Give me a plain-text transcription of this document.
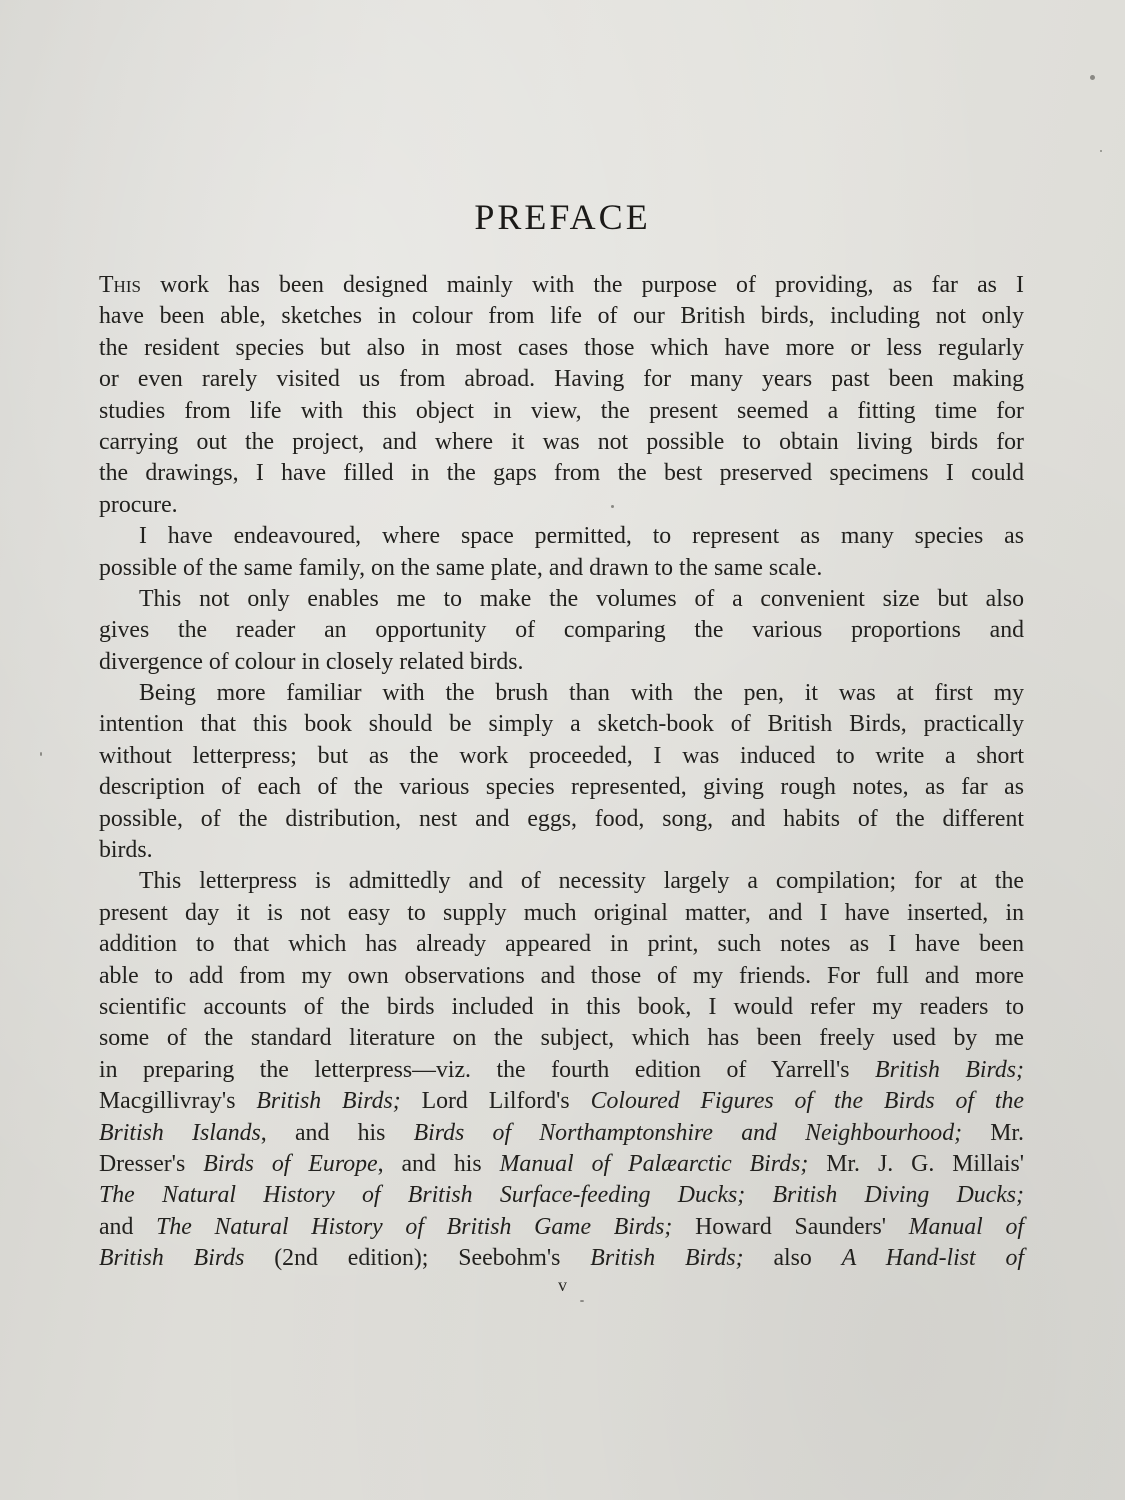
PREFACE
This work has been designed mainly with the purpose of providing, as far as I
have been able, sketches in colour from life of our British birds, including not only
the resident species but also in most cases those which have more or less regularly
or even rarely visited us from abroad. Having for many years past been making
studies from life with this object in view, the present seemed a fitting time for
carrying out the project, and where it was not possible to obtain living birds for
the drawings, I have filled in the gaps from the best preserved specimens I could
procure.
I have endeavoured, where space permitted, to represent as many species as
possible of the same family, on the same plate, and drawn to the same scale.
This not only enables me to make the volumes of a convenient size but also
gives the reader an opportunity of comparing the various proportions and
divergence of colour in closely related birds.
Being more familiar with the brush than with the pen, it was at first my
intention that this book should be simply a sketch-book of British Birds, practically
without letterpress; but as the work proceeded, I was induced to write a short
description of each of the various species represented, giving rough notes, as far as
possible, of the distribution, nest and eggs, food, song, and habits of the different
birds.
This letterpress is admittedly and of necessity largely a compilation; for at the
present day it is not easy to supply much original matter, and I have inserted, in
addition to that which has already appeared in print, such notes as I have been
able to add from my own observations and those of my friends. For full and more
scientific accounts of the birds included in this book, I would refer my readers to
some of the standard literature on the subject, which has been freely used by me
in preparing the letterpress—viz. the fourth edition of Yarrell's British Birds;
Macgillivray's British Birds; Lord Lilford's Coloured Figures of the Birds of the
British Islands, and his Birds of Northamptonshire and Neighbourhood; Mr.
Dresser's Birds of Europe, and his Manual of Palæarctic Birds; Mr. J. G. Millais'
The Natural History of British Surface-feeding Ducks; British Diving Ducks;
and The Natural History of British Game Birds; Howard Saunders' Manual of
British Birds (2nd edition); Seebohm's British Birds; also A Hand-list of
v
